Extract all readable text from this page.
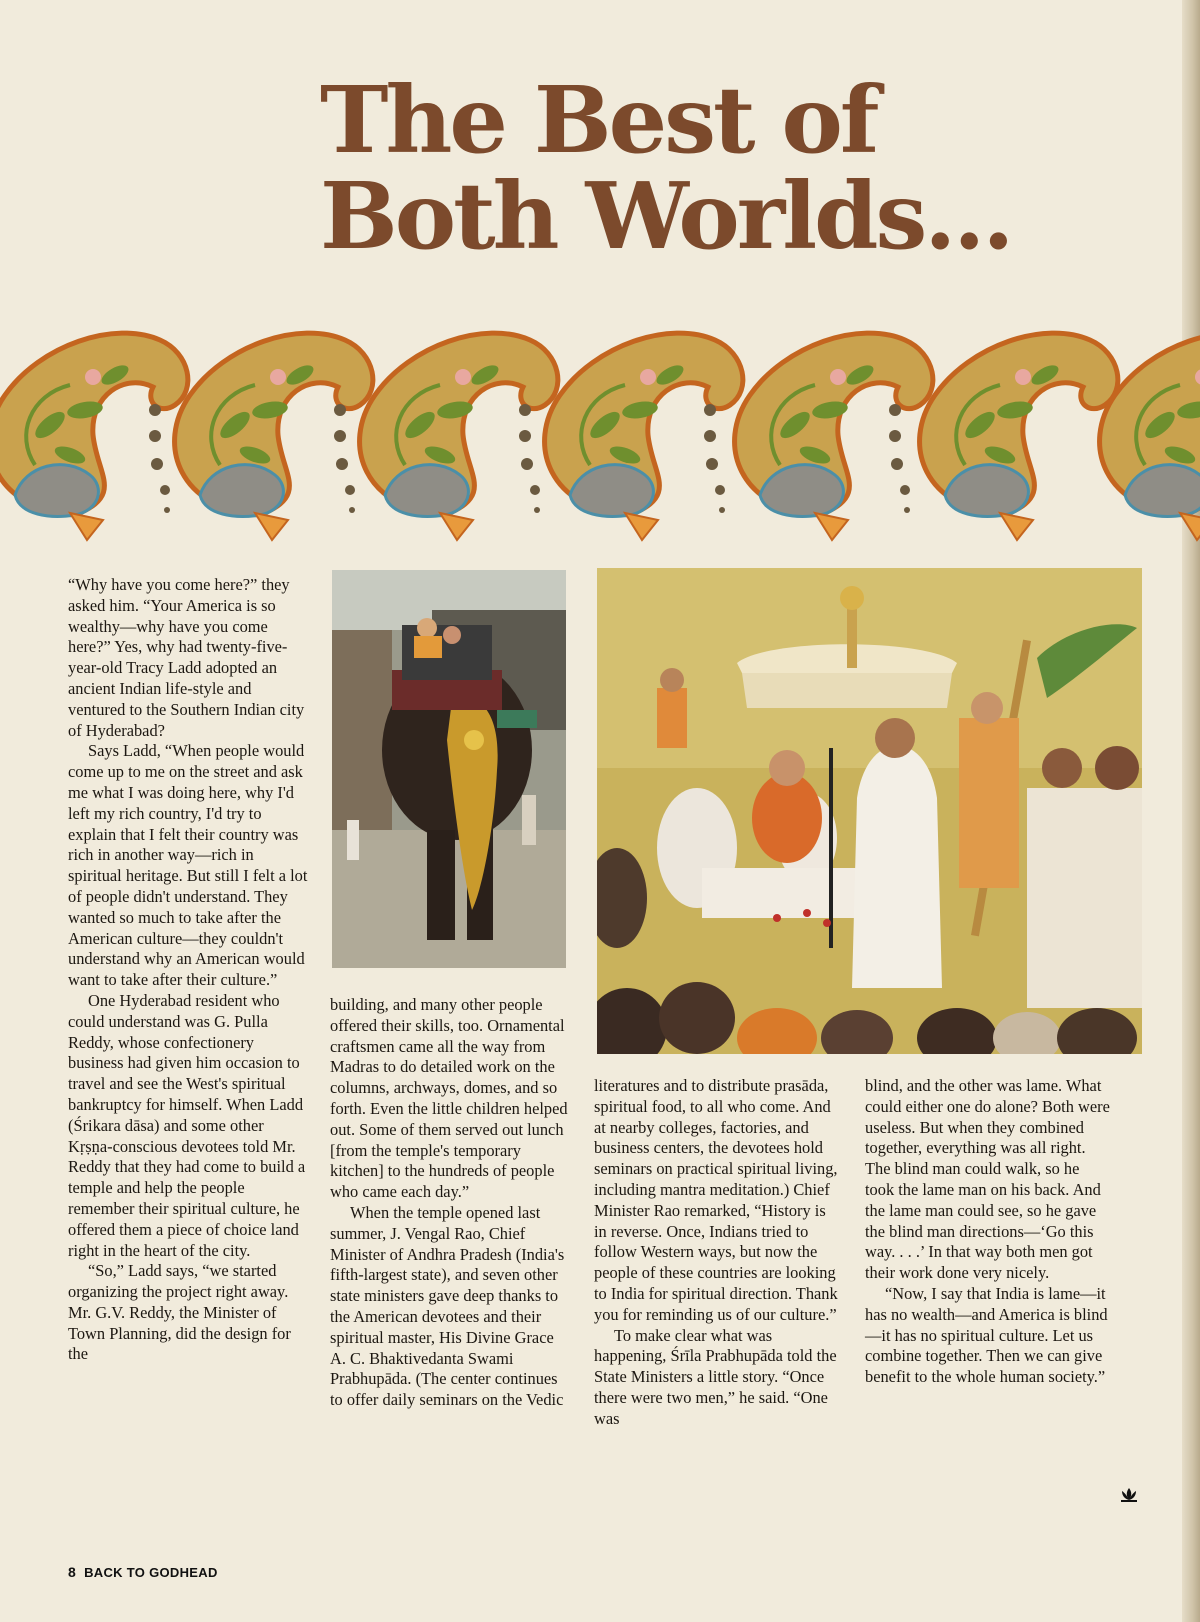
The Best of
Both Worlds...

“Why have you come here?” they asked him. “Your America is so wealthy—why have you come here?” Yes, why had twenty-five-year-old Tracy Ladd adopted an ancient Indian life-style and ventured to the Southern Indian city of Hyderabad?

Says Ladd, “When people would come up to me on the street and ask me what I was doing here, why I'd left my rich country, I'd try to explain that I felt their country was rich in another way—rich in spiritual heritage. But still I felt a lot of people didn't understand. They wanted so much to take after the American culture—they couldn't understand why an American would want to take after their culture.”

One Hyderabad resident who could understand was G. Pulla Reddy, whose confectionery business had given him occasion to travel and see the West's spiritual bankruptcy for himself. When Ladd (Śrikara dāsa) and some other Kṛṣṇa-conscious devotees told Mr. Reddy that they had come to build a temple and help the people remember their spiritual culture, he offered them a piece of choice land right in the heart of the city.

“So,” Ladd says, “we started organizing the project right away. Mr. G.V. Reddy, the Minister of Town Planning, did the design for the

building, and many other people offered their skills, too. Ornamental craftsmen came all the way from Madras to do detailed work on the columns, archways, domes, and so forth. Even the little children helped out. Some of them served out lunch [from the temple's temporary kitchen] to the hundreds of people who came each day.”

When the temple opened last summer, J. Vengal Rao, Chief Minister of Andhra Pradesh (India's fifth-largest state), and seven other state ministers gave deep thanks to the American devotees and their spiritual master, His Divine Grace A. C. Bhaktivedanta Swami Prabhupāda. (The center continues to offer daily seminars on the Vedic

literatures and to distribute prasāda, spiritual food, to all who come. And at nearby colleges, factories, and business centers, the devotees hold seminars on practical spiritual living, including mantra meditation.) Chief Minister Rao remarked, “History is in reverse. Once, Indians tried to follow Western ways, but now the people of these countries are looking to India for spiritual direction. Thank you for reminding us of our culture.”

To make clear what was happening, Śrīla Prabhupāda told the State Ministers a little story. “Once there were two men,” he said. “One was

blind, and the other was lame. What could either one do alone? Both were useless. But when they combined together, everything was all right. The blind man could walk, so he took the lame man on his back. And the lame man could see, so he gave the blind man directions—‘Go this way. . . .’ In that way both men got their work done very nicely.

“Now, I say that India is lame—it has no wealth—and America is blind—it has no spiritual culture. Let us combine together. Then we can give benefit to the whole human society.”

8 BACK TO GODHEAD
